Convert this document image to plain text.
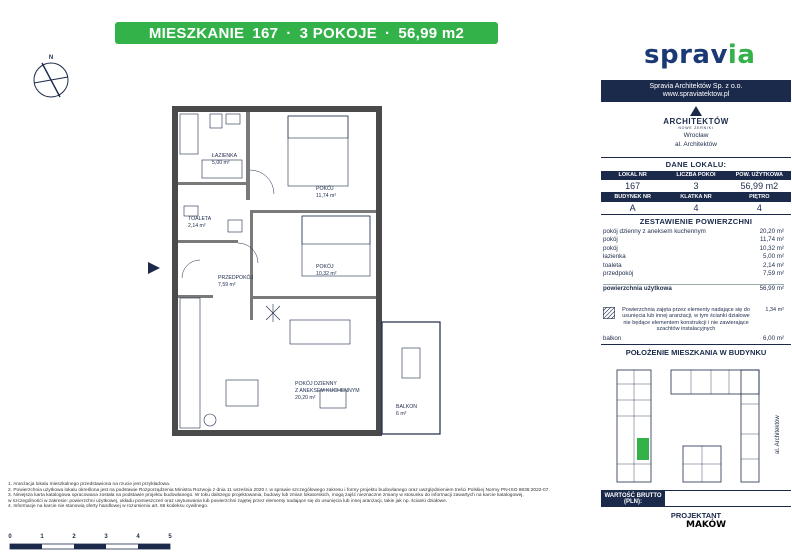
MIESZKANIE 167 · 3 POKOJE · 56,99 m2
N
ŁAZIENKA
5,00 m²
TOALETA
2,14 m²
POKÓJ
11,74 m²
POKÓJ
10,32 m²
PRZEDPOKÓJ
7,59 m²
POKÓJ DZIENNY
Z ANEKSEM KUCHENNYM
20,20 m²
BALKON
6 m²
spravia
Spravia Architektów Sp. z o.o.
www.spraviatektow.pl
ARCHITEKTÓW
NOWE ŻERNIKI
Wrocław
al. Architektów
DANE LOKALU:
LOKAL NR	LICZBA POKOI	POW. UŻYTKOWA
167	3	56,99 m2
BUDYNEK NR	KLATKA NR	PIĘTRO
A	4	4
ZESTAWIENIE POWIERZCHNI
pokój dzienny z aneksem kuchennym	20,20 m²
pokój	11,74 m²
pokój	10,32 m²
łazienka	5,00 m²
toaleta	2,14 m²
przedpokój	7,59 m²
powierzchnia użytkowa	56,99 m²
Powierzchnia zajęta przez elementy nadające się do usunięcia lub innej aranżacji, w tym ścianki działowe nie będące elementem konstrukcji i nie zawierające szachtów instalacyjnych
1,34 m²
balkon	6,00 m²
POŁOŻENIE MIESZKANIA W BUDYNKU
al. Architektów
WARTOŚĆ BRUTTO (PLN):
PROJEKTANT
MAKÓW
1. Aranżacja lokalu mieszkalnego przedstawiona na rzucie jest przykładowa.
2. Powierzchnia użytkowa lokalu określona jest na podstawie Rozporządzenia Ministra Rozwoju z dnia 11 września 2020 r. w sprawie szczegółowego zakresu i formy projektu budowlanego oraz uwzględnieniem treści Polskiej Normy PN-ISO 9836:2022-07.
3. Niniejsza karta katalogowa opracowana została na podstawie projektu budowlanego. W toku dalszego projektowania, budowy lub zmian lokatorskich, mogą zajść nieznaczne zmiany w stosunku do informacji zawartych na karcie katalogowej,
w szczególności w zakresie: powierzchni użytkowej, układu pomieszczeń oraz usytuowania lub powierzchni zajętej przez elementy nadające się do usunięcia lub innej aranżacji, takie jak np. ścianki działowe.
4. Informacje na karcie nie stanowią oferty handlowej w rozumieniu art. 66 kodeksu cywilnego.
0	1	2	3	4	5
